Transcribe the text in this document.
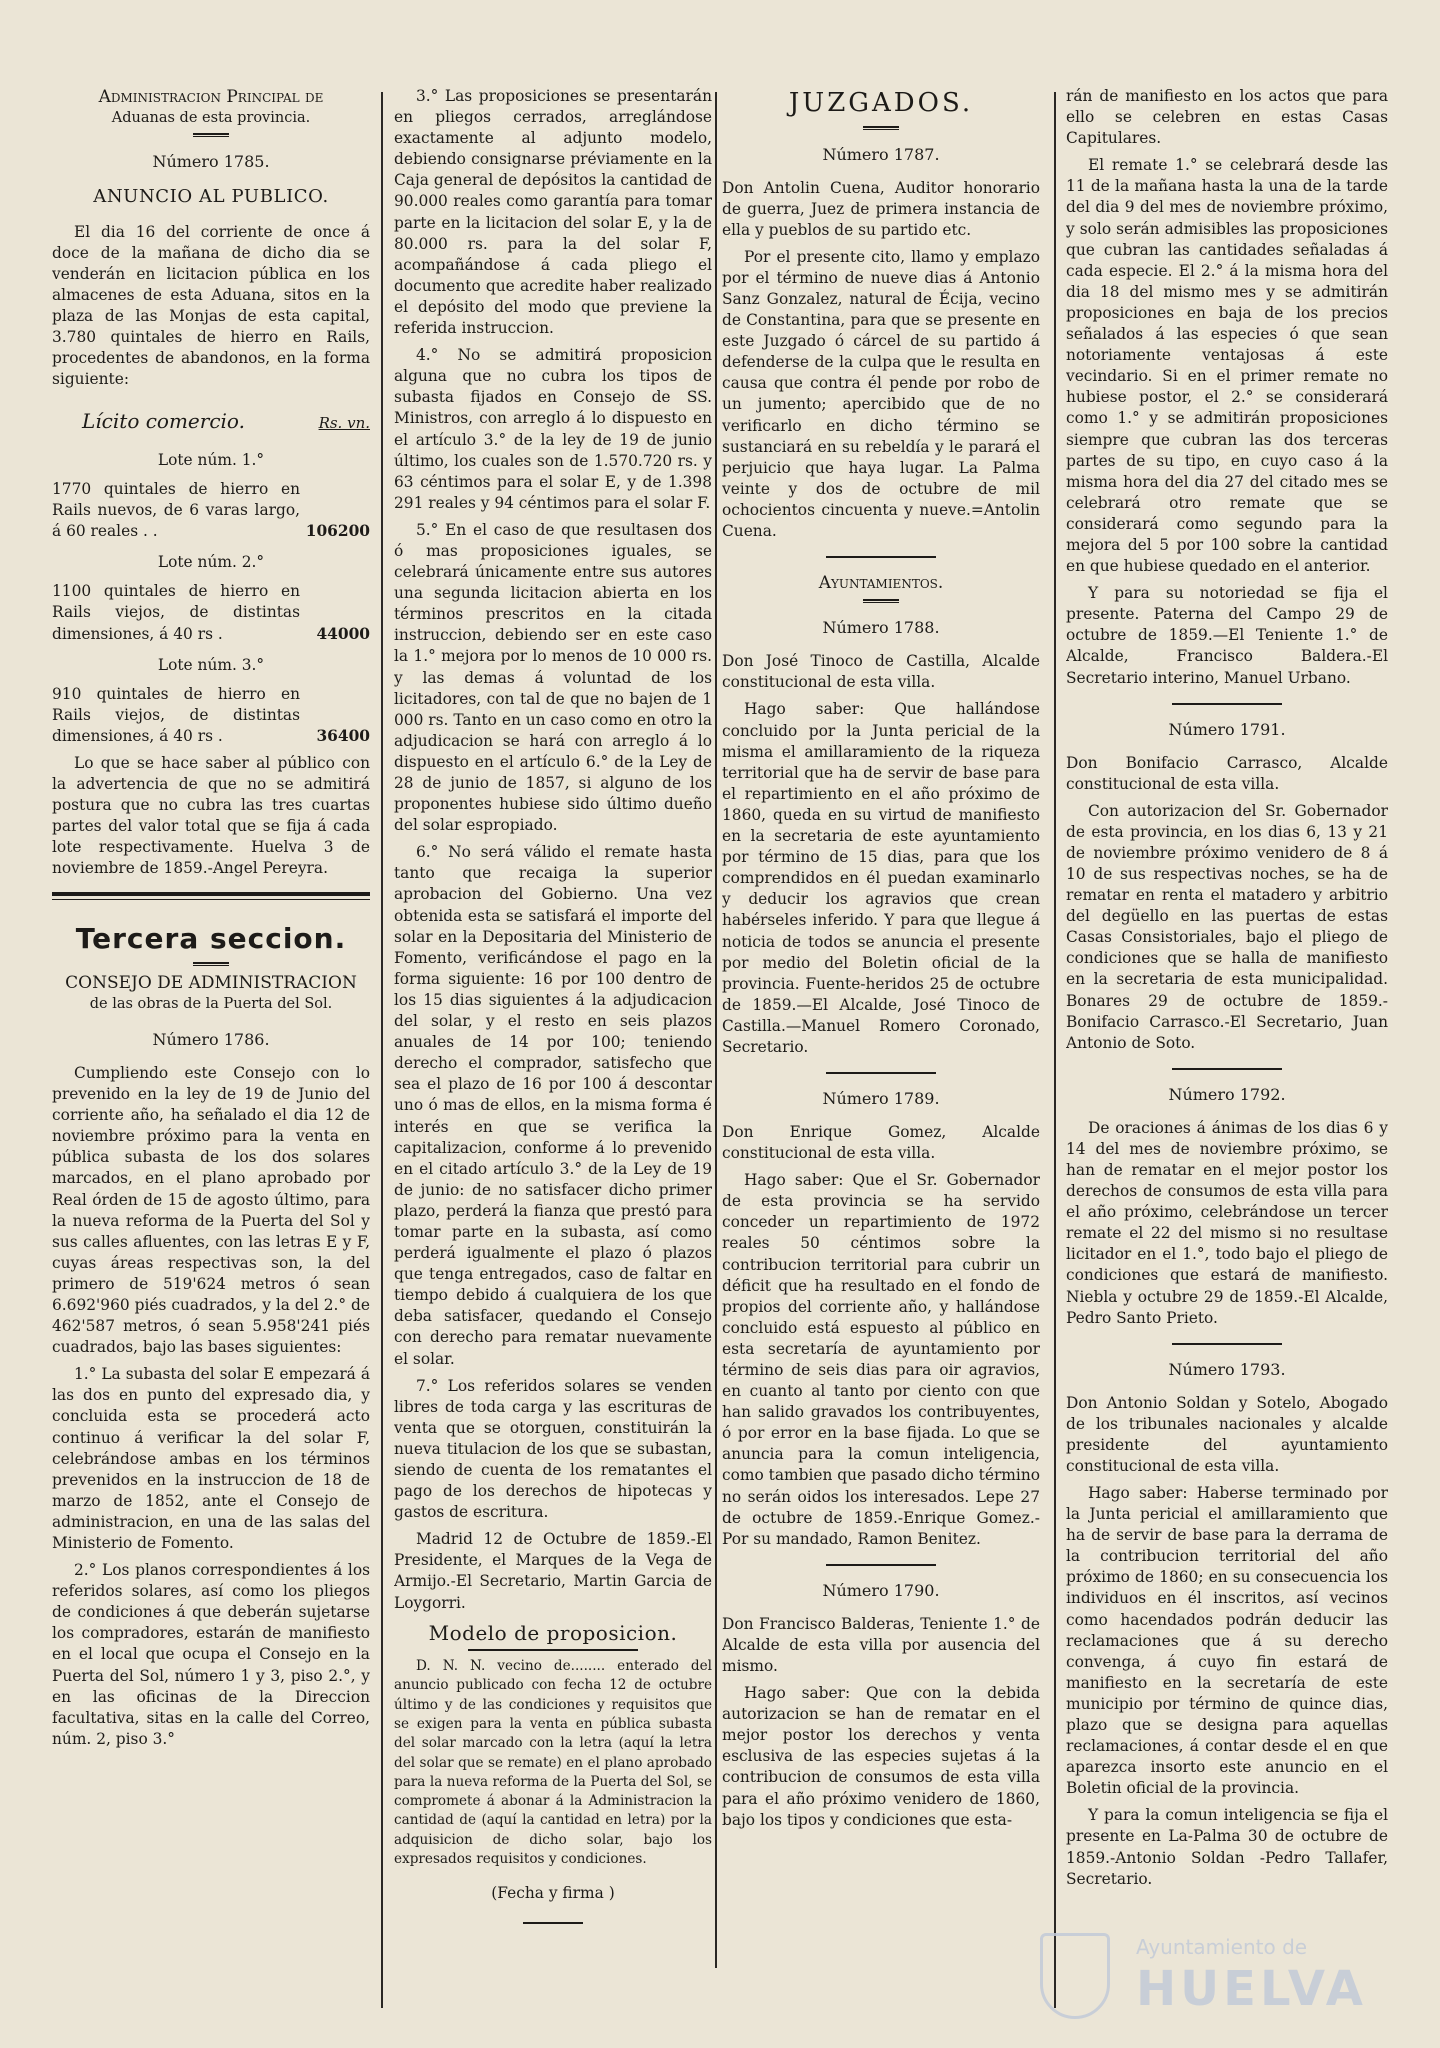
Administracion Principal de
Aduanas de esta provincia.
Número 1785.
ANUNCIO AL PUBLICO.
El dia 16 del corriente de once á doce de la mañana de dicho dia se venderán en licitacion pública en los almacenes de esta Aduana, sitos en la plaza de las Monjas de esta capital, 3.780 quintales de hierro en Rails, procedentes de abandonos, en la forma siguiente:
Lícito comercio.	Rs. vn.
Lote núm. 1.°
1770 quintales de hierro en Rails nuevos, de 6 varas largo, á 60 reales . .	106200
Lote núm. 2.°
1100 quintales de hierro en Rails viejos, de distintas dimensiones, á 40 rs .	44000
Lote núm. 3.°
910 quintales de hierro en Rails viejos, de distintas dimensiones, á 40 rs .	36400
Lo que se hace saber al público con la advertencia de que no se admitirá postura que no cubra las tres cuartas partes del valor total que se fija á cada lote respectivamente. Huelva 3 de noviembre de 1859.-Angel Pereyra.
Tercera seccion.
CONSEJO DE ADMINISTRACION
de las obras de la Puerta del Sol.
Número 1786.
Cumpliendo este Consejo con lo prevenido en la ley de 19 de Junio del corriente año, ha señalado el dia 12 de noviembre próximo para la venta en pública subasta de los dos solares marcados, en el plano aprobado por Real órden de 15 de agosto último, para la nueva reforma de la Puerta del Sol y sus calles afluentes, con las letras E y F, cuyas áreas respectivas son, la del primero de 519'624 metros ó sean 6.692'960 piés cuadrados, y la del 2.° de 462'587 metros, ó sean 5.958'241 piés cuadrados, bajo las bases siguientes:
1.° La subasta del solar E empezará á las dos en punto del expresado dia, y concluida esta se procederá acto continuo á verificar la del solar F, celebrándose ambas en los términos prevenidos en la instruccion de 18 de marzo de 1852, ante el Consejo de administracion, en una de las salas del Ministerio de Fomento.
2.° Los planos correspondientes á los referidos solares, así como los pliegos de condiciones á que deberán sujetarse los compradores, estarán de manifiesto en el local que ocupa el Consejo en la Puerta del Sol, número 1 y 3, piso 2.°, y en las oficinas de la Direccion facultativa, sitas en la calle del Correo, núm. 2, piso 3.°
3.° Las proposiciones se presentarán en pliegos cerrados, arreglándose exactamente al adjunto modelo, debiendo consignarse préviamente en la Caja general de depósitos la cantidad de 90.000 reales como garantía para tomar parte en la licitacion del solar E, y la de 80.000 rs. para la del solar F, acompañándose á cada pliego el documento que acredite haber realizado el depósito del modo que previene la referida instruccion.
4.° No se admitirá proposicion alguna que no cubra los tipos de subasta fijados en Consejo de SS. Ministros, con arreglo á lo dispuesto en el artículo 3.° de la ley de 19 de junio último, los cuales son de 1.570.720 rs. y 63 céntimos para el solar E, y de 1.398 291 reales y 94 céntimos para el solar F.
5.° En el caso de que resultasen dos ó mas proposiciones iguales, se celebrará únicamente entre sus autores una segunda licitacion abierta en los términos prescritos en la citada instruccion, debiendo ser en este caso la 1.° mejora por lo menos de 10 000 rs. y las demas á voluntad de los licitadores, con tal de que no bajen de 1 000 rs. Tanto en un caso como en otro la adjudicacion se hará con arreglo á lo dispuesto en el artículo 6.° de la Ley de 28 de junio de 1857, si alguno de los proponentes hubiese sido último dueño del solar espropiado.
6.° No será válido el remate hasta tanto que recaiga la superior aprobacion del Gobierno. Una vez obtenida esta se satisfará el importe del solar en la Depositaria del Ministerio de Fomento, verificándose el pago en la forma siguiente: 16 por 100 dentro de los 15 dias siguientes á la adjudicacion del solar, y el resto en seis plazos anuales de 14 por 100; teniendo derecho el comprador, satisfecho que sea el plazo de 16 por 100 á descontar uno ó mas de ellos, en la misma forma é interés en que se verifica la capitalizacion, conforme á lo prevenido en el citado artículo 3.° de la Ley de 19 de junio: de no satisfacer dicho primer plazo, perderá la fianza que prestó para tomar parte en la subasta, así como perderá igualmente el plazo ó plazos que tenga entregados, caso de faltar en tiempo debido á cualquiera de los que deba satisfacer, quedando el Consejo con derecho para rematar nuevamente el solar.
7.° Los referidos solares se venden libres de toda carga y las escrituras de venta que se otorguen, constituirán la nueva titulacion de los que se subastan, siendo de cuenta de los rematantes el pago de los derechos de hipotecas y gastos de escritura.
Madrid 12 de Octubre de 1859.-El Presidente, el Marques de la Vega de Armijo.-El Secretario, Martin Garcia de Loygorri.
Modelo de proposicion.
D. N. N. vecino de........ enterado del anuncio publicado con fecha 12 de octubre último y de las condiciones y requisitos que se exigen para la venta en pública subasta del solar marcado con la letra (aquí la letra del solar que se remate) en el plano aprobado para la nueva reforma de la Puerta del Sol, se compromete á abonar á la Administracion la cantidad de (aquí la cantidad en letra) por la adquisicion de dicho solar, bajo los expresados requisitos y condiciones.
(Fecha y firma )
JUZGADOS.
Número 1787.
Don Antolin Cuena, Auditor honorario de guerra, Juez de primera instancia de ella y pueblos de su partido etc.
Por el presente cito, llamo y emplazo por el término de nueve dias á Antonio Sanz Gonzalez, natural de Écija, vecino de Constantina, para que se presente en este Juzgado ó cárcel de su partido á defenderse de la culpa que le resulta en causa que contra él pende por robo de un jumento; apercibido que de no verificarlo en dicho término se sustanciará en su rebeldía y le parará el perjuicio que haya lugar. La Palma veinte y dos de octubre de mil ochocientos cincuenta y nueve.=Antolin Cuena.
Ayuntamientos.
Número 1788.
Don José Tinoco de Castilla, Alcalde constitucional de esta villa.
Hago saber: Que hallándose concluido por la Junta pericial de la misma el amillaramiento de la riqueza territorial que ha de servir de base para el repartimiento en el año próximo de 1860, queda en su virtud de manifiesto en la secretaria de este ayuntamiento por término de 15 dias, para que los comprendidos en él puedan examinarlo y deducir los agravios que crean habérseles inferido. Y para que llegue á noticia de todos se anuncia el presente por medio del Boletin oficial de la provincia. Fuente-heridos 25 de octubre de 1859.—El Alcalde, José Tinoco de Castilla.—Manuel Romero Coronado, Secretario.
Número 1789.
Don Enrique Gomez, Alcalde constitucional de esta villa.
Hago saber: Que el Sr. Gobernador de esta provincia se ha servido conceder un repartimiento de 1972 reales 50 céntimos sobre la contribucion territorial para cubrir un déficit que ha resultado en el fondo de propios del corriente año, y hallándose concluido está espuesto al público en esta secretaría de ayuntamiento por término de seis dias para oir agravios, en cuanto al tanto por ciento con que han salido gravados los contribuyentes, ó por error en la base fijada. Lo que se anuncia para la comun inteligencia, como tambien que pasado dicho término no serán oidos los interesados. Lepe 27 de octubre de 1859.-Enrique Gomez.-Por su mandado, Ramon Benitez.
Número 1790.
Don Francisco Balderas, Teniente 1.° de Alcalde de esta villa por ausencia del mismo.
Hago saber: Que con la debida autorizacion se han de rematar en el mejor postor los derechos y venta esclusiva de las especies sujetas á la contribucion de consumos de esta villa para el año próximo venidero de 1860, bajo los tipos y condiciones que esta-
rán de manifiesto en los actos que para ello se celebren en estas Casas Capitulares.
El remate 1.° se celebrará desde las 11 de la mañana hasta la una de la tarde del dia 9 del mes de noviembre próximo, y solo serán admisibles las proposiciones que cubran las cantidades señaladas á cada especie. El 2.° á la misma hora del dia 18 del mismo mes y se admitirán proposiciones en baja de los precios señalados á las especies ó que sean notoriamente ventajosas á este vecindario. Si en el primer remate no hubiese postor, el 2.° se considerará como 1.° y se admitirán proposiciones siempre que cubran las dos terceras partes de su tipo, en cuyo caso á la misma hora del dia 27 del citado mes se celebrará otro remate que se considerará como segundo para la mejora del 5 por 100 sobre la cantidad en que hubiese quedado en el anterior.
Y para su notoriedad se fija el presente. Paterna del Campo 29 de octubre de 1859.—El Teniente 1.° de Alcalde, Francisco Baldera.-El Secretario interino, Manuel Urbano.
Número 1791.
Don Bonifacio Carrasco, Alcalde constitucional de esta villa.
Con autorizacion del Sr. Gobernador de esta provincia, en los dias 6, 13 y 21 de noviembre próximo venidero de 8 á 10 de sus respectivas noches, se ha de rematar en renta el matadero y arbitrio del degüello en las puertas de estas Casas Consistoriales, bajo el pliego de condiciones que se halla de manifiesto en la secretaria de esta municipalidad. Bonares 29 de octubre de 1859.-Bonifacio Carrasco.-El Secretario, Juan Antonio de Soto.
Número 1792.
De oraciones á ánimas de los dias 6 y 14 del mes de noviembre próximo, se han de rematar en el mejor postor los derechos de consumos de esta villa para el año próximo, celebrándose un tercer remate el 22 del mismo si no resultase licitador en el 1.°, todo bajo el pliego de condiciones que estará de manifiesto. Niebla y octubre 29 de 1859.-El Alcalde, Pedro Santo Prieto.
Número 1793.
Don Antonio Soldan y Sotelo, Abogado de los tribunales nacionales y alcalde presidente del ayuntamiento constitucional de esta villa.
Hago saber: Haberse terminado por la Junta pericial el amillaramiento que ha de servir de base para la derrama de la contribucion territorial del año próximo de 1860; en su consecuencia los individuos en él inscritos, así vecinos como hacendados podrán deducir las reclamaciones que á su derecho convenga, á cuyo fin estará de manifiesto en la secretaría de este municipio por término de quince dias, plazo que se designa para aquellas reclamaciones, á contar desde el en que aparezca insorto este anuncio en el Boletin oficial de la provincia.
Y para la comun inteligencia se fija el presente en La-Palma 30 de octubre de 1859.-Antonio Soldan -Pedro Tallafer, Secretario.
Ayuntamiento de
HUELVA
